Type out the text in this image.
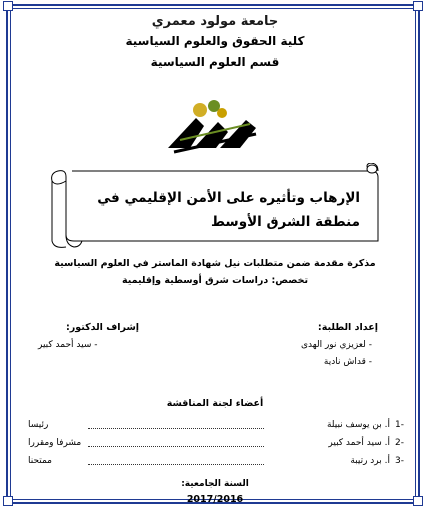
جامعة مولود معمري
كلية الحقوق والعلوم السياسية
قسم العلوم السياسية
الإرهاب وتأثيره على الأمن الإقليمي في منطقة الشرق الأوسط
مذكرة مقدمة ضمن متطلبات نيل شهادة الماستر في العلوم السياسية
تخصص: دراسات شرق أوسطية وإقليمية
إعداد الطلبة:
- لعزيزي نور الهدى
- قداش نادية
إشراف الدكتور:
- سيد أحمد كبير
أعضاء لجنة المناقشة
1-
أ. بن يوسف نبيلة
رئيسا
2-
أ. سيد أحمد كبير
مشرفا ومقررا
3-
أ. برد رتيبة
ممتحنا
السنة الجامعية:
2017/2016
